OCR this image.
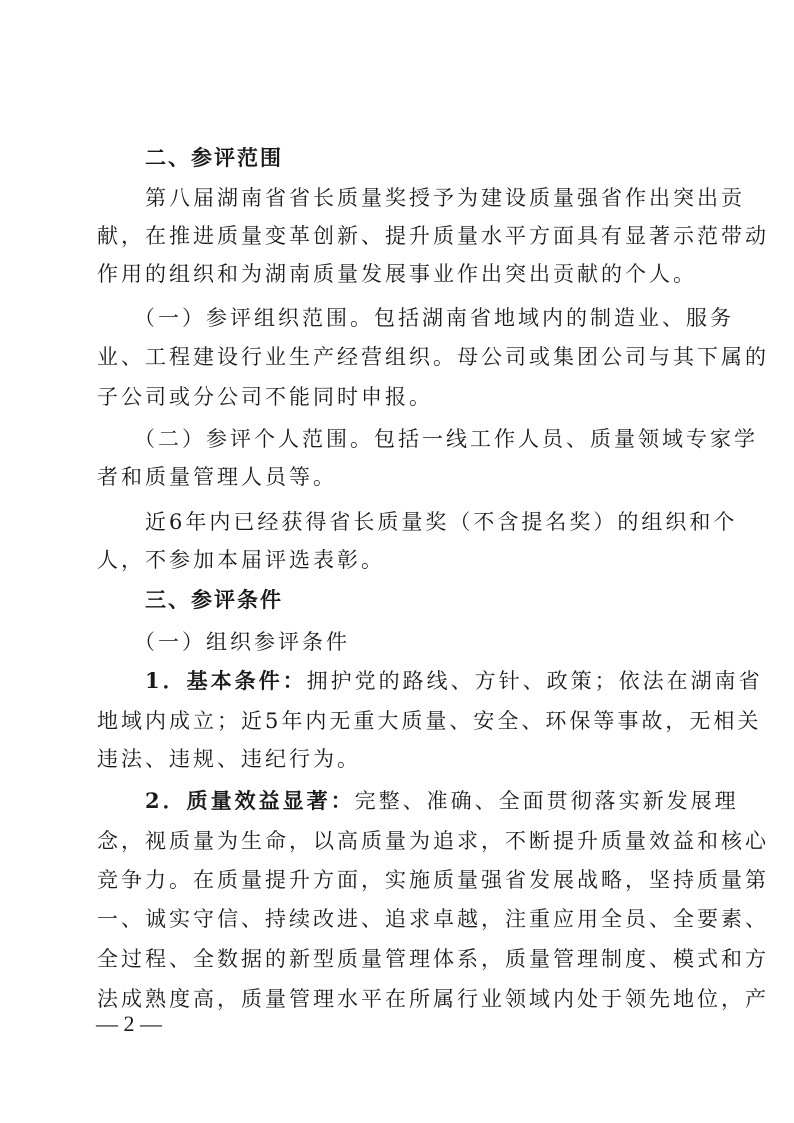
二、参评范围
第八届湖南省省长质量奖授予为建设质量强省作出突出贡
献，在推进质量变革创新、提升质量水平方面具有显著示范带动
作用的组织和为湖南质量发展事业作出突出贡献的个人。
（一）参评组织范围。包括湖南省地域内的制造业、服务
业、工程建设行业生产经营组织。母公司或集团公司与其下属的
子公司或分公司不能同时申报。
（二）参评个人范围。包括一线工作人员、质量领域专家学
者和质量管理人员等。
近6年内已经获得省长质量奖（不含提名奖）的组织和个
人，不参加本届评选表彰。
三、参评条件
（一）组织参评条件
1．基本条件：拥护党的路线、方针、政策；依法在湖南省
地域内成立；近5年内无重大质量、安全、环保等事故，无相关
违法、违规、违纪行为。
2．质量效益显著：完整、准确、全面贯彻落实新发展理
念，视质量为生命，以高质量为追求，不断提升质量效益和核心
竞争力。在质量提升方面，实施质量强省发展战略，坚持质量第
一、诚实守信、持续改进、追求卓越，注重应用全员、全要素、
全过程、全数据的新型质量管理体系，质量管理制度、模式和方
法成熟度高，质量管理水平在所属行业领域内处于领先地位，产
— 2 —
